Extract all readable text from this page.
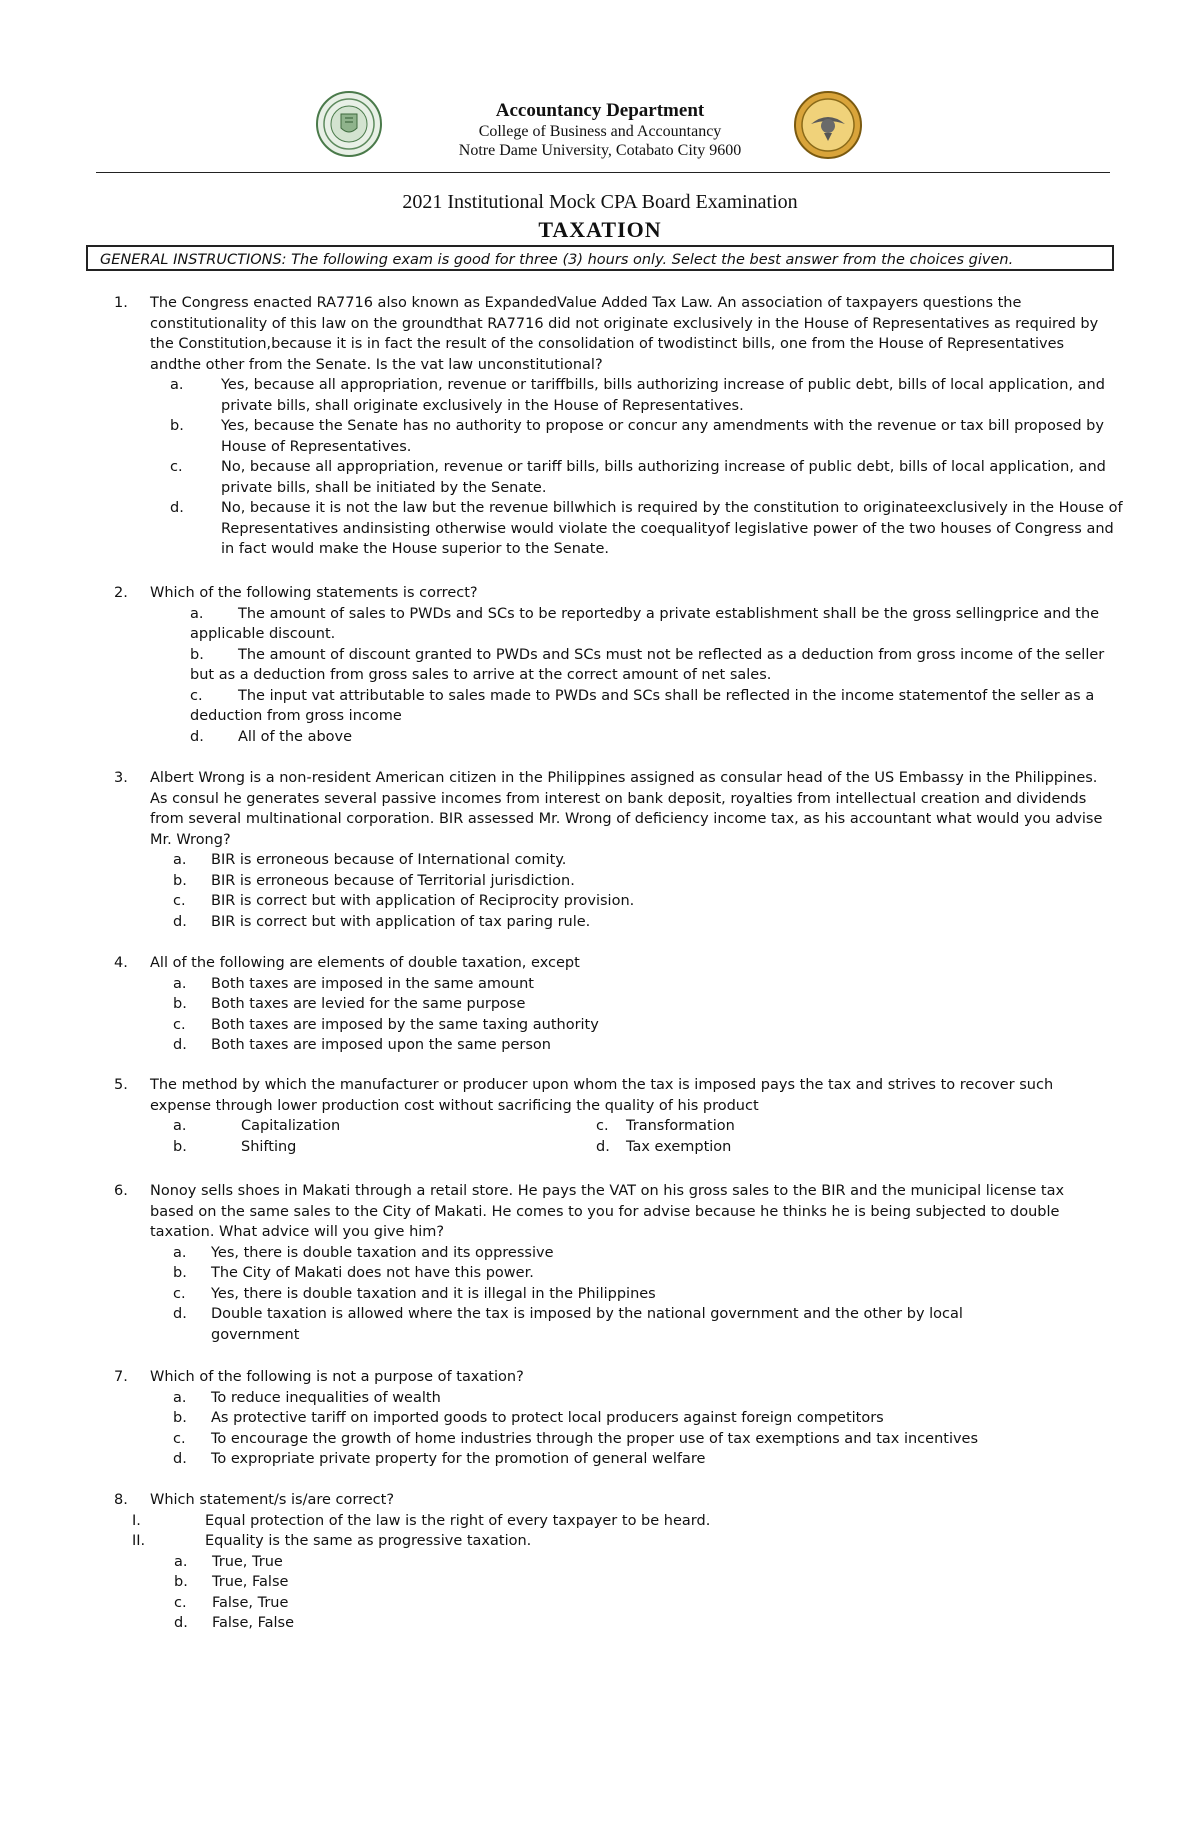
Accountancy Department
College of Business and Accountancy
Notre Dame University, Cotabato City 9600
2021 Institutional Mock CPA Board Examination
TAXATION
GENERAL INSTRUCTIONS: The following exam is good for three (3) hours only. Select the best answer from the choices given.
1. The Congress enacted RA7716 also known as ExpandedValue Added Tax Law. An association of taxpayers questions the constitutionality of this law on the groundthat RA7716 did not originate exclusively in the House of Representatives as required by the Constitution,because it is in fact the result of the consolidation of twodistinct bills, one from the House of Representatives andthe other from the Senate. Is the vat law unconstitutional?
a.	Yes, because all appropriation, revenue or tariffbills, bills authorizing increase of public debt, bills of local application, and private bills, shall originate exclusively in the House of Representatives.
b.	Yes, because the Senate has no authority to propose or concur any amendments with the revenue or tax bill proposed by House of Representatives.
c.	No, because all appropriation, revenue or tariff bills, bills authorizing increase of public debt, bills of local application, and private bills, shall be initiated by the Senate.
d.	No, because it is not the law but the revenue billwhich is required by the constitution to originateexclusively in the House of Representatives andinsisting otherwise would violate the coequalityof legislative power of the two houses of Congress and in fact would make the House superior to the Senate.
2. Which of the following statements is correct?
a. The amount of sales to PWDs and SCs to be reportedby a private establishment shall be the gross sellingprice and the applicable discount.
b. The amount of discount granted to PWDs and SCs must not be reflected as a deduction from gross income of the seller but as a deduction from gross sales to arrive at the correct amount of net sales.
c. The input vat attributable to sales made to PWDs and SCs shall be reflected in the income statementof the seller as a deduction from gross income
d. All of the above
3. Albert Wrong is a non-resident American citizen in the Philippines assigned as consular head of the US Embassy in the Philippines. As consul he generates several passive incomes from interest on bank deposit, royalties from intellectual creation and dividends from several multinational corporation. BIR assessed Mr. Wrong of deficiency income tax, as his accountant what would you advise Mr. Wrong?
a.	BIR is erroneous because of International comity.
b.	BIR is erroneous because of Territorial jurisdiction.
c.	BIR is correct but with application of Reciprocity provision.
d.	BIR is correct but with application of tax paring rule.
4. All of the following are elements of double taxation, except
a.	Both taxes are imposed in the same amount
b.	Both taxes are levied for the same purpose
c.	Both taxes are imposed by the same taxing authority
d.	Both taxes are imposed upon the same person
5. The method by which the manufacturer or producer upon whom the tax is imposed pays the tax and strives to recover such expense through lower production cost without sacrificing the quality of his product
a.	Capitalization	c. Transformation
b.	Shifting	d. Tax exemption
6. Nonoy sells shoes in Makati through a retail store. He pays the VAT on his gross sales to the BIR and the municipal license tax based on the same sales to the City of Makati. He comes to you for advise because he thinks he is being subjected to double taxation. What advice will you give him?
a.	Yes, there is double taxation and its oppressive
b.	The City of Makati does not have this power.
c.	Yes, there is double taxation and it is illegal in the Philippines
d.	Double taxation is allowed where the tax is imposed by the national government and the other by local government
7. Which of the following is not a purpose of taxation?
a.	To reduce inequalities of wealth
b.	As protective tariff on imported goods to protect local producers against foreign competitors
c.	To encourage the growth of home industries through the proper use of tax exemptions and tax incentives
d.	To expropriate private property for the promotion of general welfare
8. Which statement/s is/are correct?
I.	Equal protection of the law is the right of every taxpayer to be heard.
II.	Equality is the same as progressive taxation.
a.	True, True
b.	True, False
c.	False, True
d.	False, False
